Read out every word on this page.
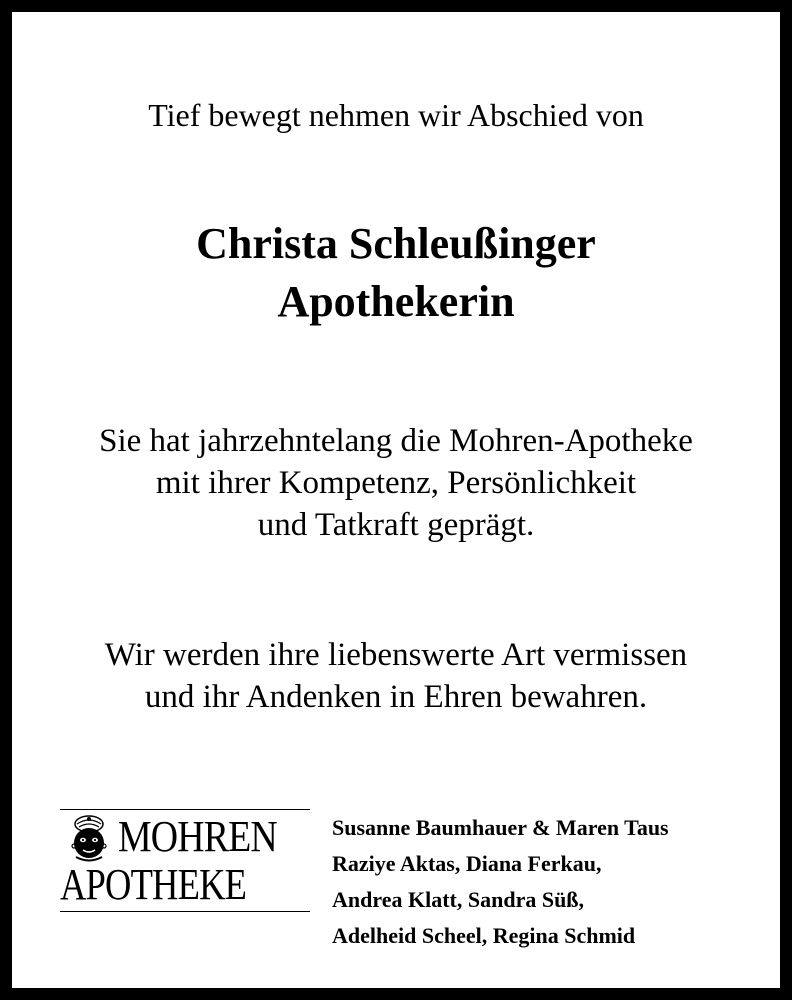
Tief bewegt nehmen wir Abschied von
Christa Schleußinger
Apothekerin
Sie hat jahrzehntelang die Mohren-Apotheke
mit ihrer Kompetenz, Persönlichkeit
und Tatkraft geprägt.
Wir werden ihre liebenswerte Art vermissen
und ihr Andenken in Ehren bewahren.
MOHREN
APOTHEKE
Susanne Baumhauer & Maren Taus
Raziye Aktas, Diana Ferkau,
Andrea Klatt, Sandra Süß,
Adelheid Scheel, Regina Schmid
